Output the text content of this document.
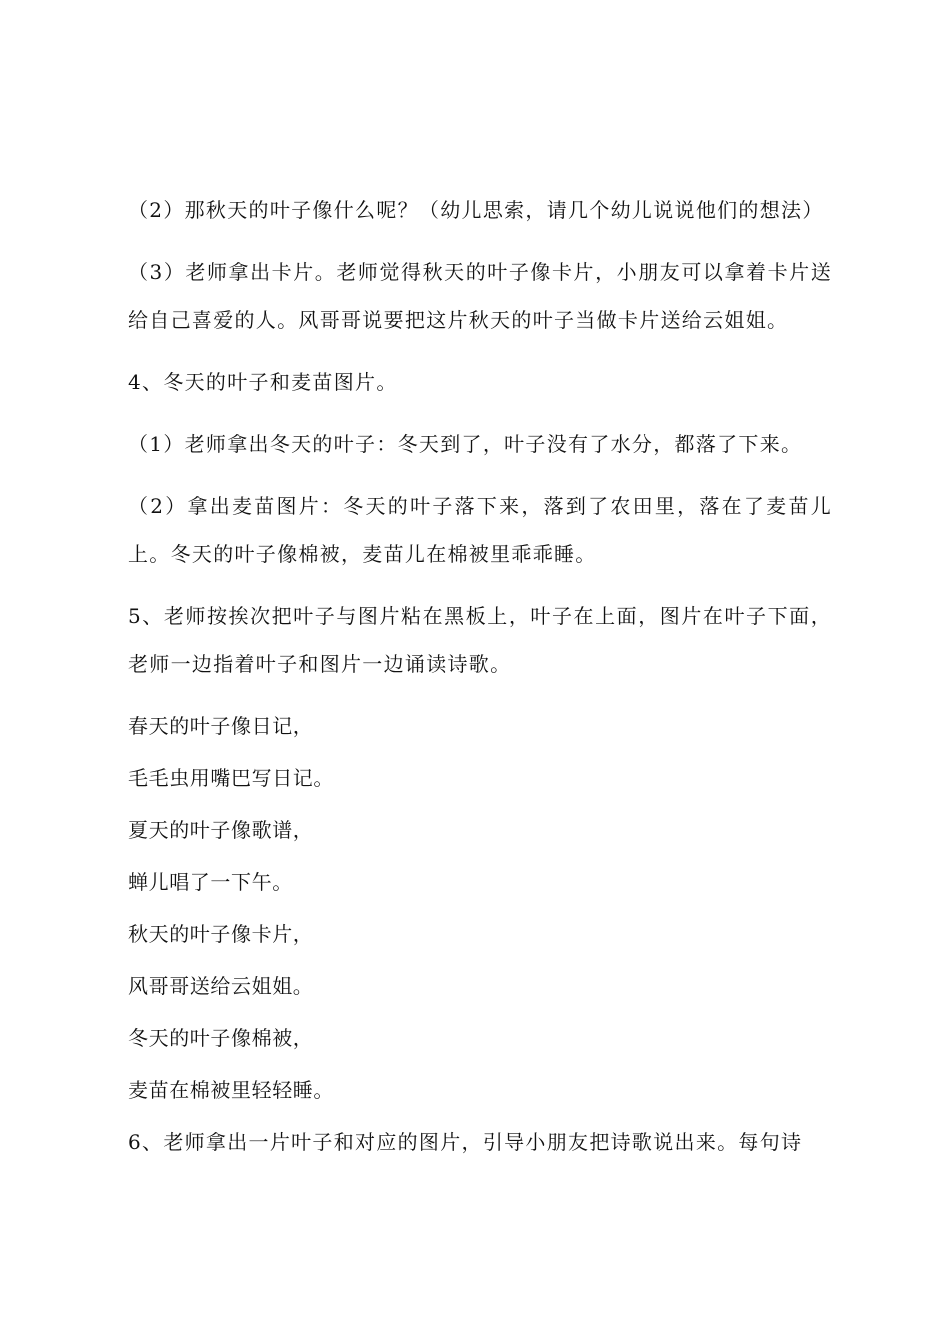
（2）那秋天的叶子像什么呢？（幼儿思索，请几个幼儿说说他们的想法）

（3）老师拿出卡片。老师觉得秋天的叶子像卡片，小朋友可以拿着卡片送给自己喜爱的人。风哥哥说要把这片秋天的叶子当做卡片送给云姐姐。

4、冬天的叶子和麦苗图片。

（1）老师拿出冬天的叶子：冬天到了，叶子没有了水分，都落了下来。

（2）拿出麦苗图片：冬天的叶子落下来，落到了农田里，落在了麦苗儿上。冬天的叶子像棉被，麦苗儿在棉被里乖乖睡。

5、老师按挨次把叶子与图片粘在黑板上，叶子在上面，图片在叶子下面，老师一边指着叶子和图片一边诵读诗歌。

春天的叶子像日记，

毛毛虫用嘴巴写日记。

夏天的叶子像歌谱，

蝉儿唱了一下午。

秋天的叶子像卡片，

风哥哥送给云姐姐。

冬天的叶子像棉被，

麦苗在棉被里轻轻睡。

6、老师拿出一片叶子和对应的图片，引导小朋友把诗歌说出来。每句诗
